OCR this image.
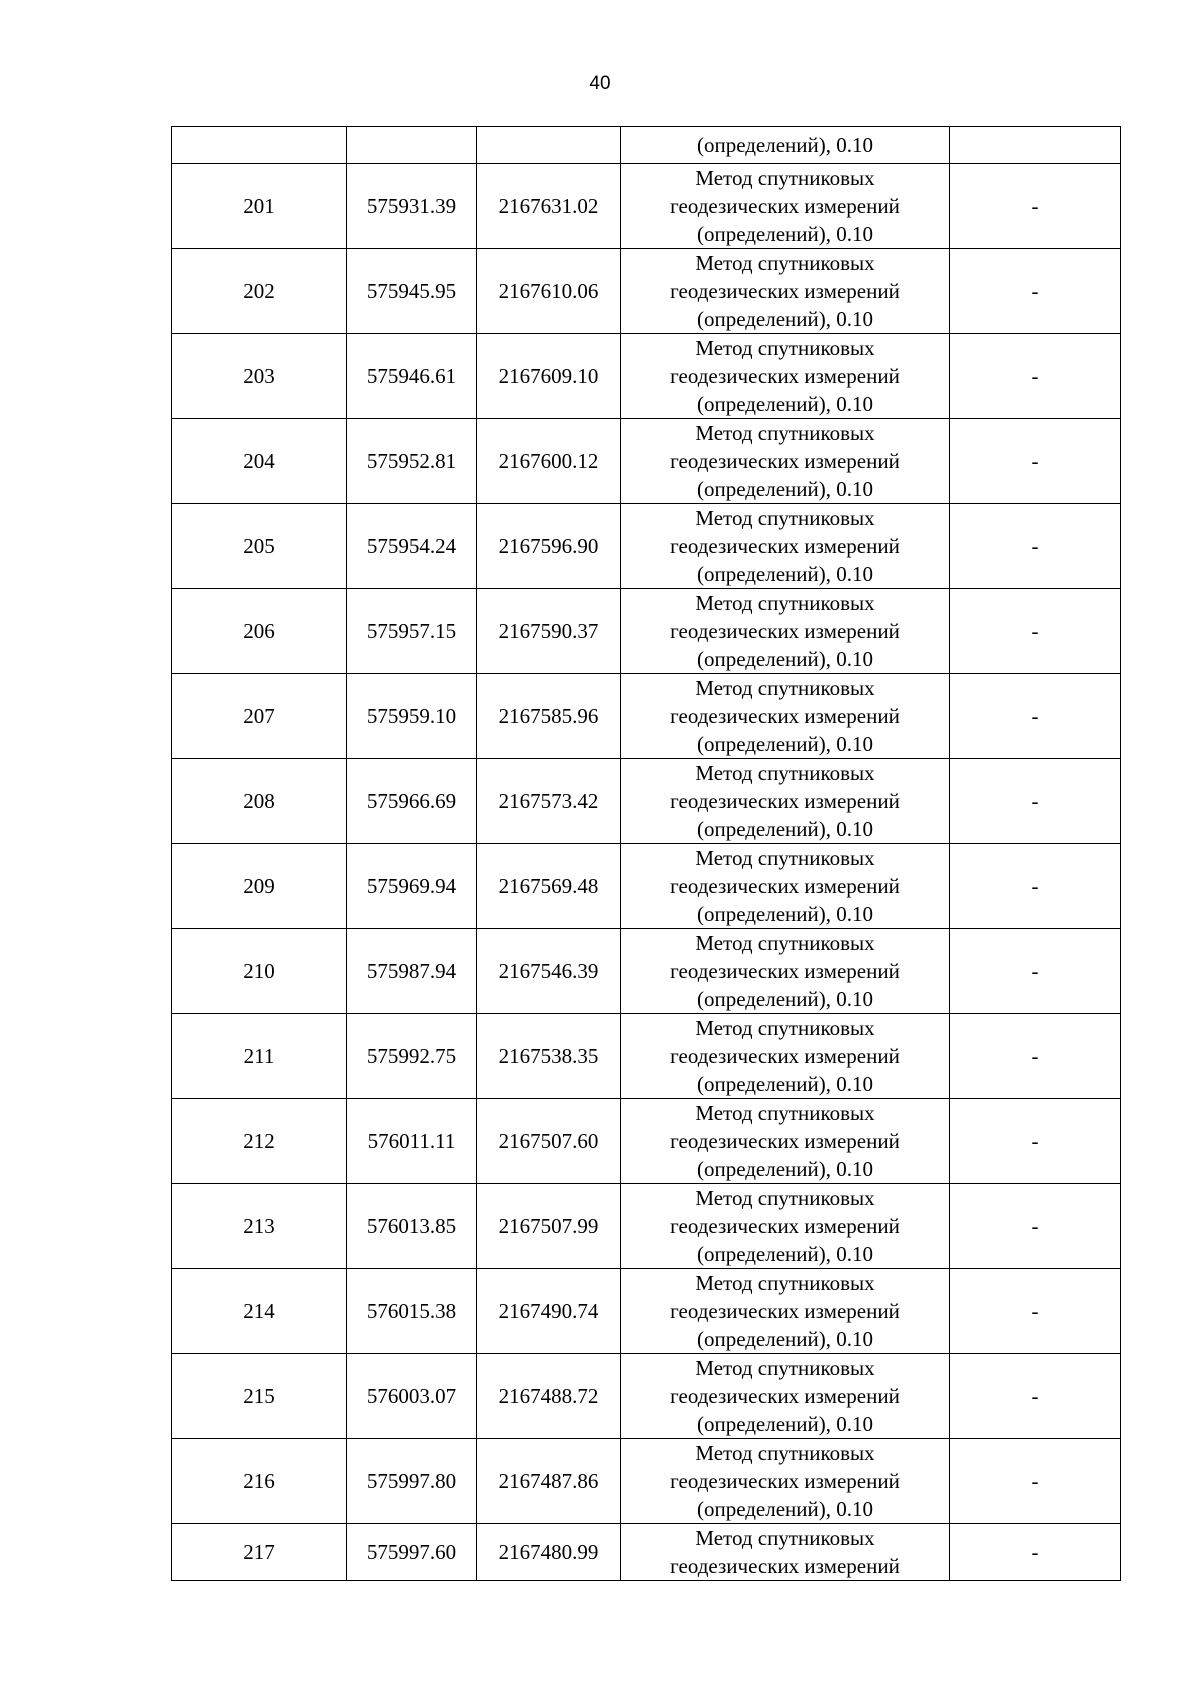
40

			(определений), 0.10	

201	575931.39	2167631.02	Метод спутниковых
геодезических измерений
(определений), 0.10	-
202	575945.95	2167610.06	Метод спутниковых
геодезических измерений
(определений), 0.10	-
203	575946.61	2167609.10	Метод спутниковых
геодезических измерений
(определений), 0.10	-
204	575952.81	2167600.12	Метод спутниковых
геодезических измерений
(определений), 0.10	-
205	575954.24	2167596.90	Метод спутниковых
геодезических измерений
(определений), 0.10	-
206	575957.15	2167590.37	Метод спутниковых
геодезических измерений
(определений), 0.10	-
207	575959.10	2167585.96	Метод спутниковых
геодезических измерений
(определений), 0.10	-
208	575966.69	2167573.42	Метод спутниковых
геодезических измерений
(определений), 0.10	-
209	575969.94	2167569.48	Метод спутниковых
геодезических измерений
(определений), 0.10	-
210	575987.94	2167546.39	Метод спутниковых
геодезических измерений
(определений), 0.10	-
211	575992.75	2167538.35	Метод спутниковых
геодезических измерений
(определений), 0.10	-
212	576011.11	2167507.60	Метод спутниковых
геодезических измерений
(определений), 0.10	-
213	576013.85	2167507.99	Метод спутниковых
геодезических измерений
(определений), 0.10	-
214	576015.38	2167490.74	Метод спутниковых
геодезических измерений
(определений), 0.10	-
215	576003.07	2167488.72	Метод спутниковых
геодезических измерений
(определений), 0.10	-
216	575997.80	2167487.86	Метод спутниковых
геодезических измерений
(определений), 0.10	-
217	575997.60	2167480.99	Метод спутниковых
геодезических измерений	-
